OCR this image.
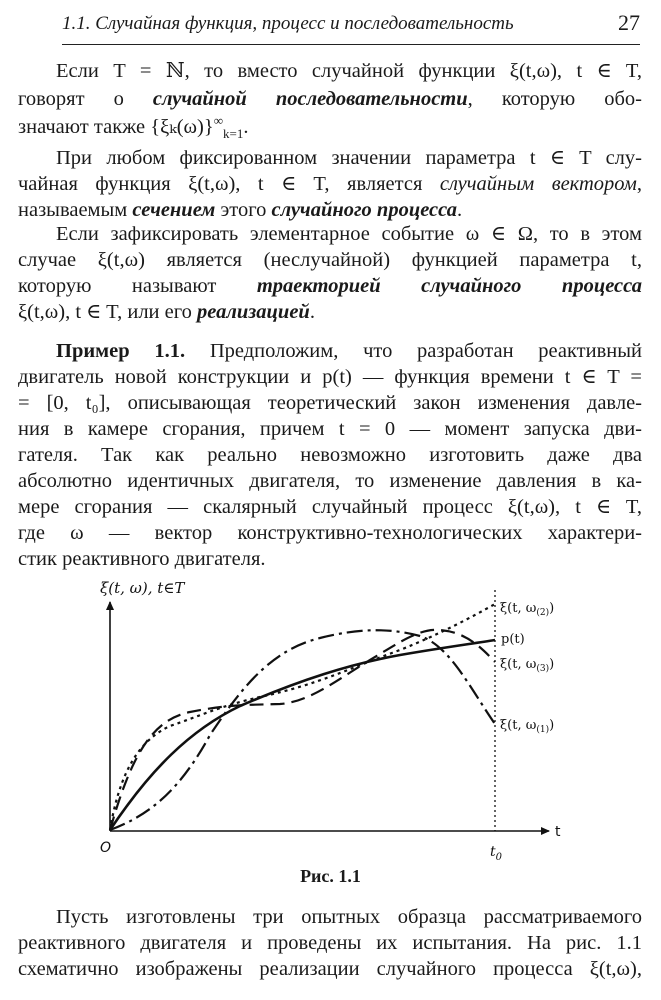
1.1. Случайная функция, процесс и последовательность	27
Если T = ℕ, то вместо случайной функции ξ(t,ω), t ∈ T,
говорят о случайной последовательности, которую обо-
значают также $\{\xi_k(\omega)\}^\infty_{k=1}$.
При любом фиксированном значении параметра t ∈ T слу-
чайная функция ξ(t,ω), t ∈ T, является случайным вектором,
называемым сечением этого случайного процесса.
Если зафиксировать элементарное событие ω ∈ Ω, то в этом
случае ξ(t,ω) является (неслучайной) функцией параметра t,
которую называют траекторией случайного процесса
ξ(t,ω), t ∈ T, или его реализацией.
Пример 1.1. Предположим, что разработан реактивный
двигатель новой конструкции и p(t) — функция времени t ∈ T =
= [0, t₀], описывающая теоретический закон изменения давле-
ния в камере сгорания, причем t = 0 — момент запуска дви-
гателя. Так как реально невозможно изготовить даже два
абсолютно идентичных двигателя, то изменение давления в ка-
мере сгорания — скалярный случайный процесс ξ(t,ω), t ∈ T,
где ω — вектор конструктивно-технологических характери-
стик реактивного двигателя.
ξ(t, ω), t∈T
t
O	$t_0$
ξ(t, $\omega_{(2)}$)
p(t)
ξ(t, $\omega_{(3)}$)
ξ(t, $\omega_{(1)}$)
Рис. 1.1
Пусть изготовлены три опытных образца рассматриваемого
реактивного двигателя и проведены их испытания. На рис. 1.1
схематично изображены реализации случайного процесса ξ(t,ω),
